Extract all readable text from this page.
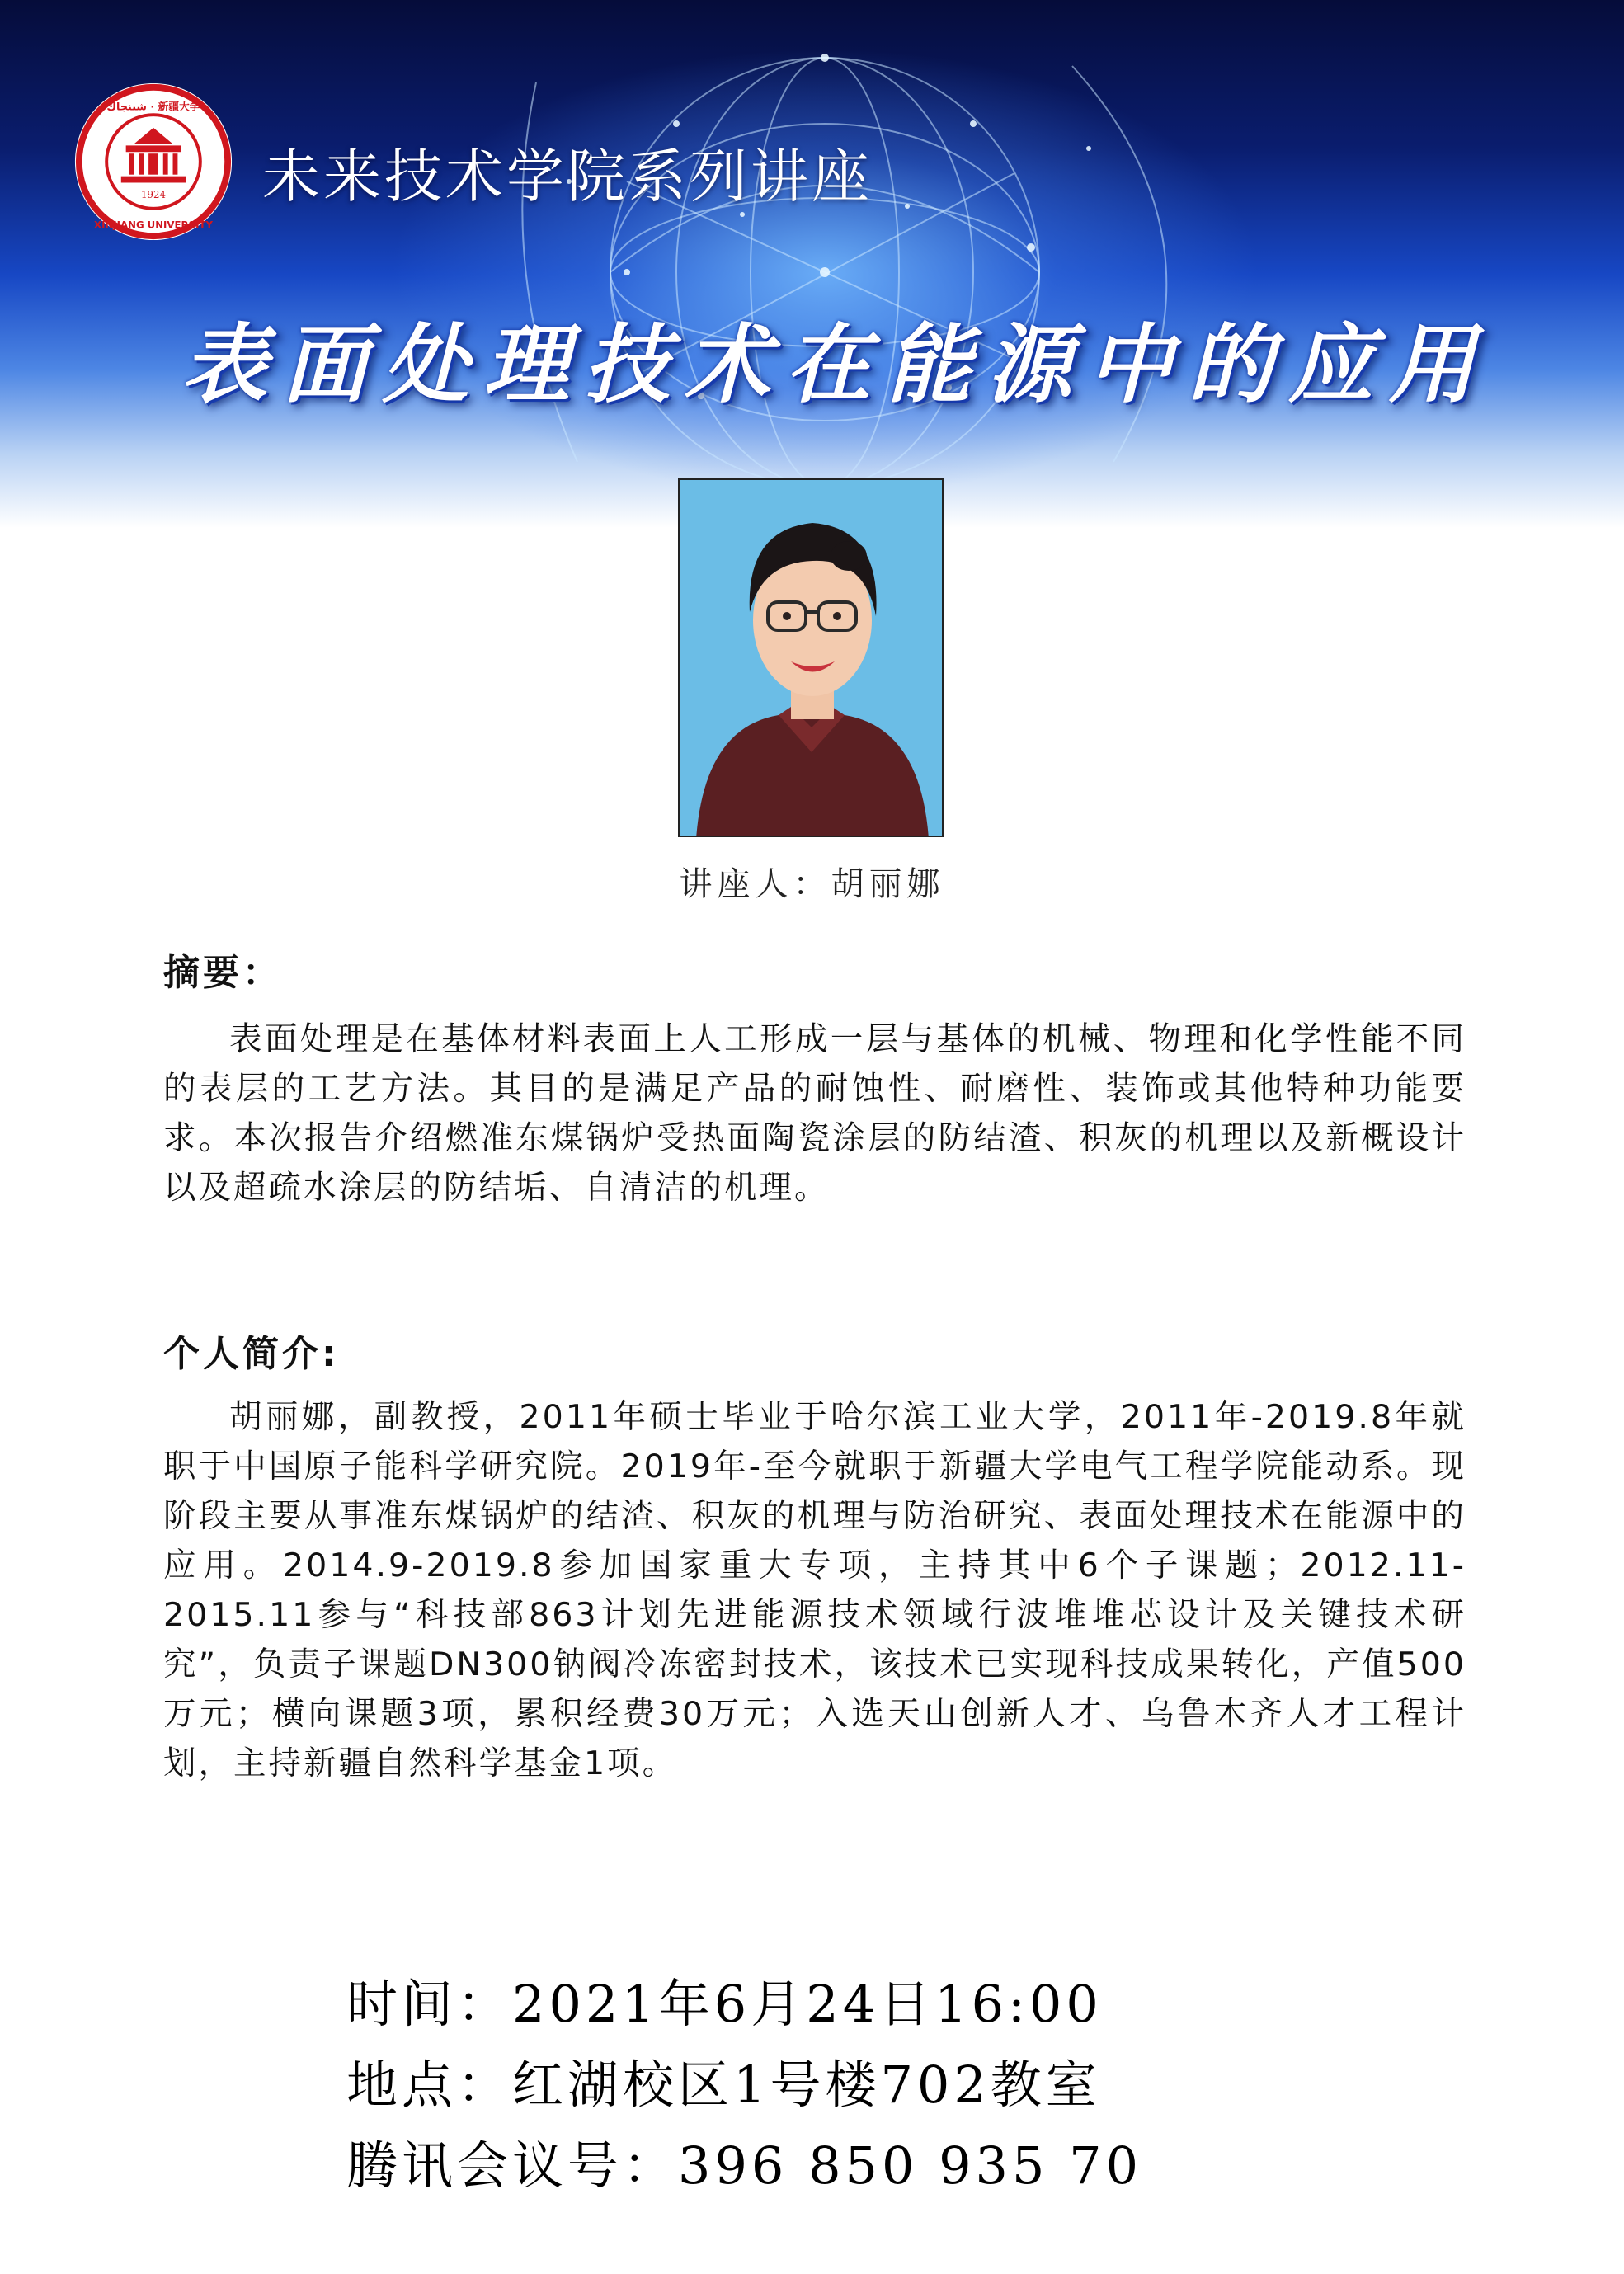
شىنجاڭ · 新疆大学
XINJIANG UNIVERSITY
1924 未来技术学院系列讲座
表面处理技术在能源中的应用
讲座人：胡丽娜
摘要：

表面处理是在基体材料表面上人工形成一层与基体的机械、物理和化学性能不同的表层的工艺方法。其目的是满足产品的耐蚀性、耐磨性、装饰或其他特种功能要求。本次报告介绍燃准东煤锅炉受热面陶瓷涂层的防结渣、积灰的机理以及新概设计以及超疏水涂层的防结垢、自清洁的机理。

个人简介:

胡丽娜，副教授，2011年硕士毕业于哈尔滨工业大学，2011年-2019.8年就职于中国原子能科学研究院。2019年-至今就职于新疆大学电气工程学院能动系。现阶段主要从事准东煤锅炉的结渣、积灰的机理与防治研究、表面处理技术在能源中的应用。2014.9-2019.8参加国家重大专项，主持其中6个子课题；2012.11-2015.11参与“科技部863计划先进能源技术领域行波堆堆芯设计及关键技术研究”，负责子课题DN300钠阀冷冻密封技术，该技术已实现科技成果转化，产值500万元；横向课题3项，累积经费30万元；入选天山创新人才、乌鲁木齐人才工程计划，主持新疆自然科学基金1项。

时间：2021年6月24日16:00
地点：红湖校区1号楼702教室
腾讯会议号：396 850 935 70
